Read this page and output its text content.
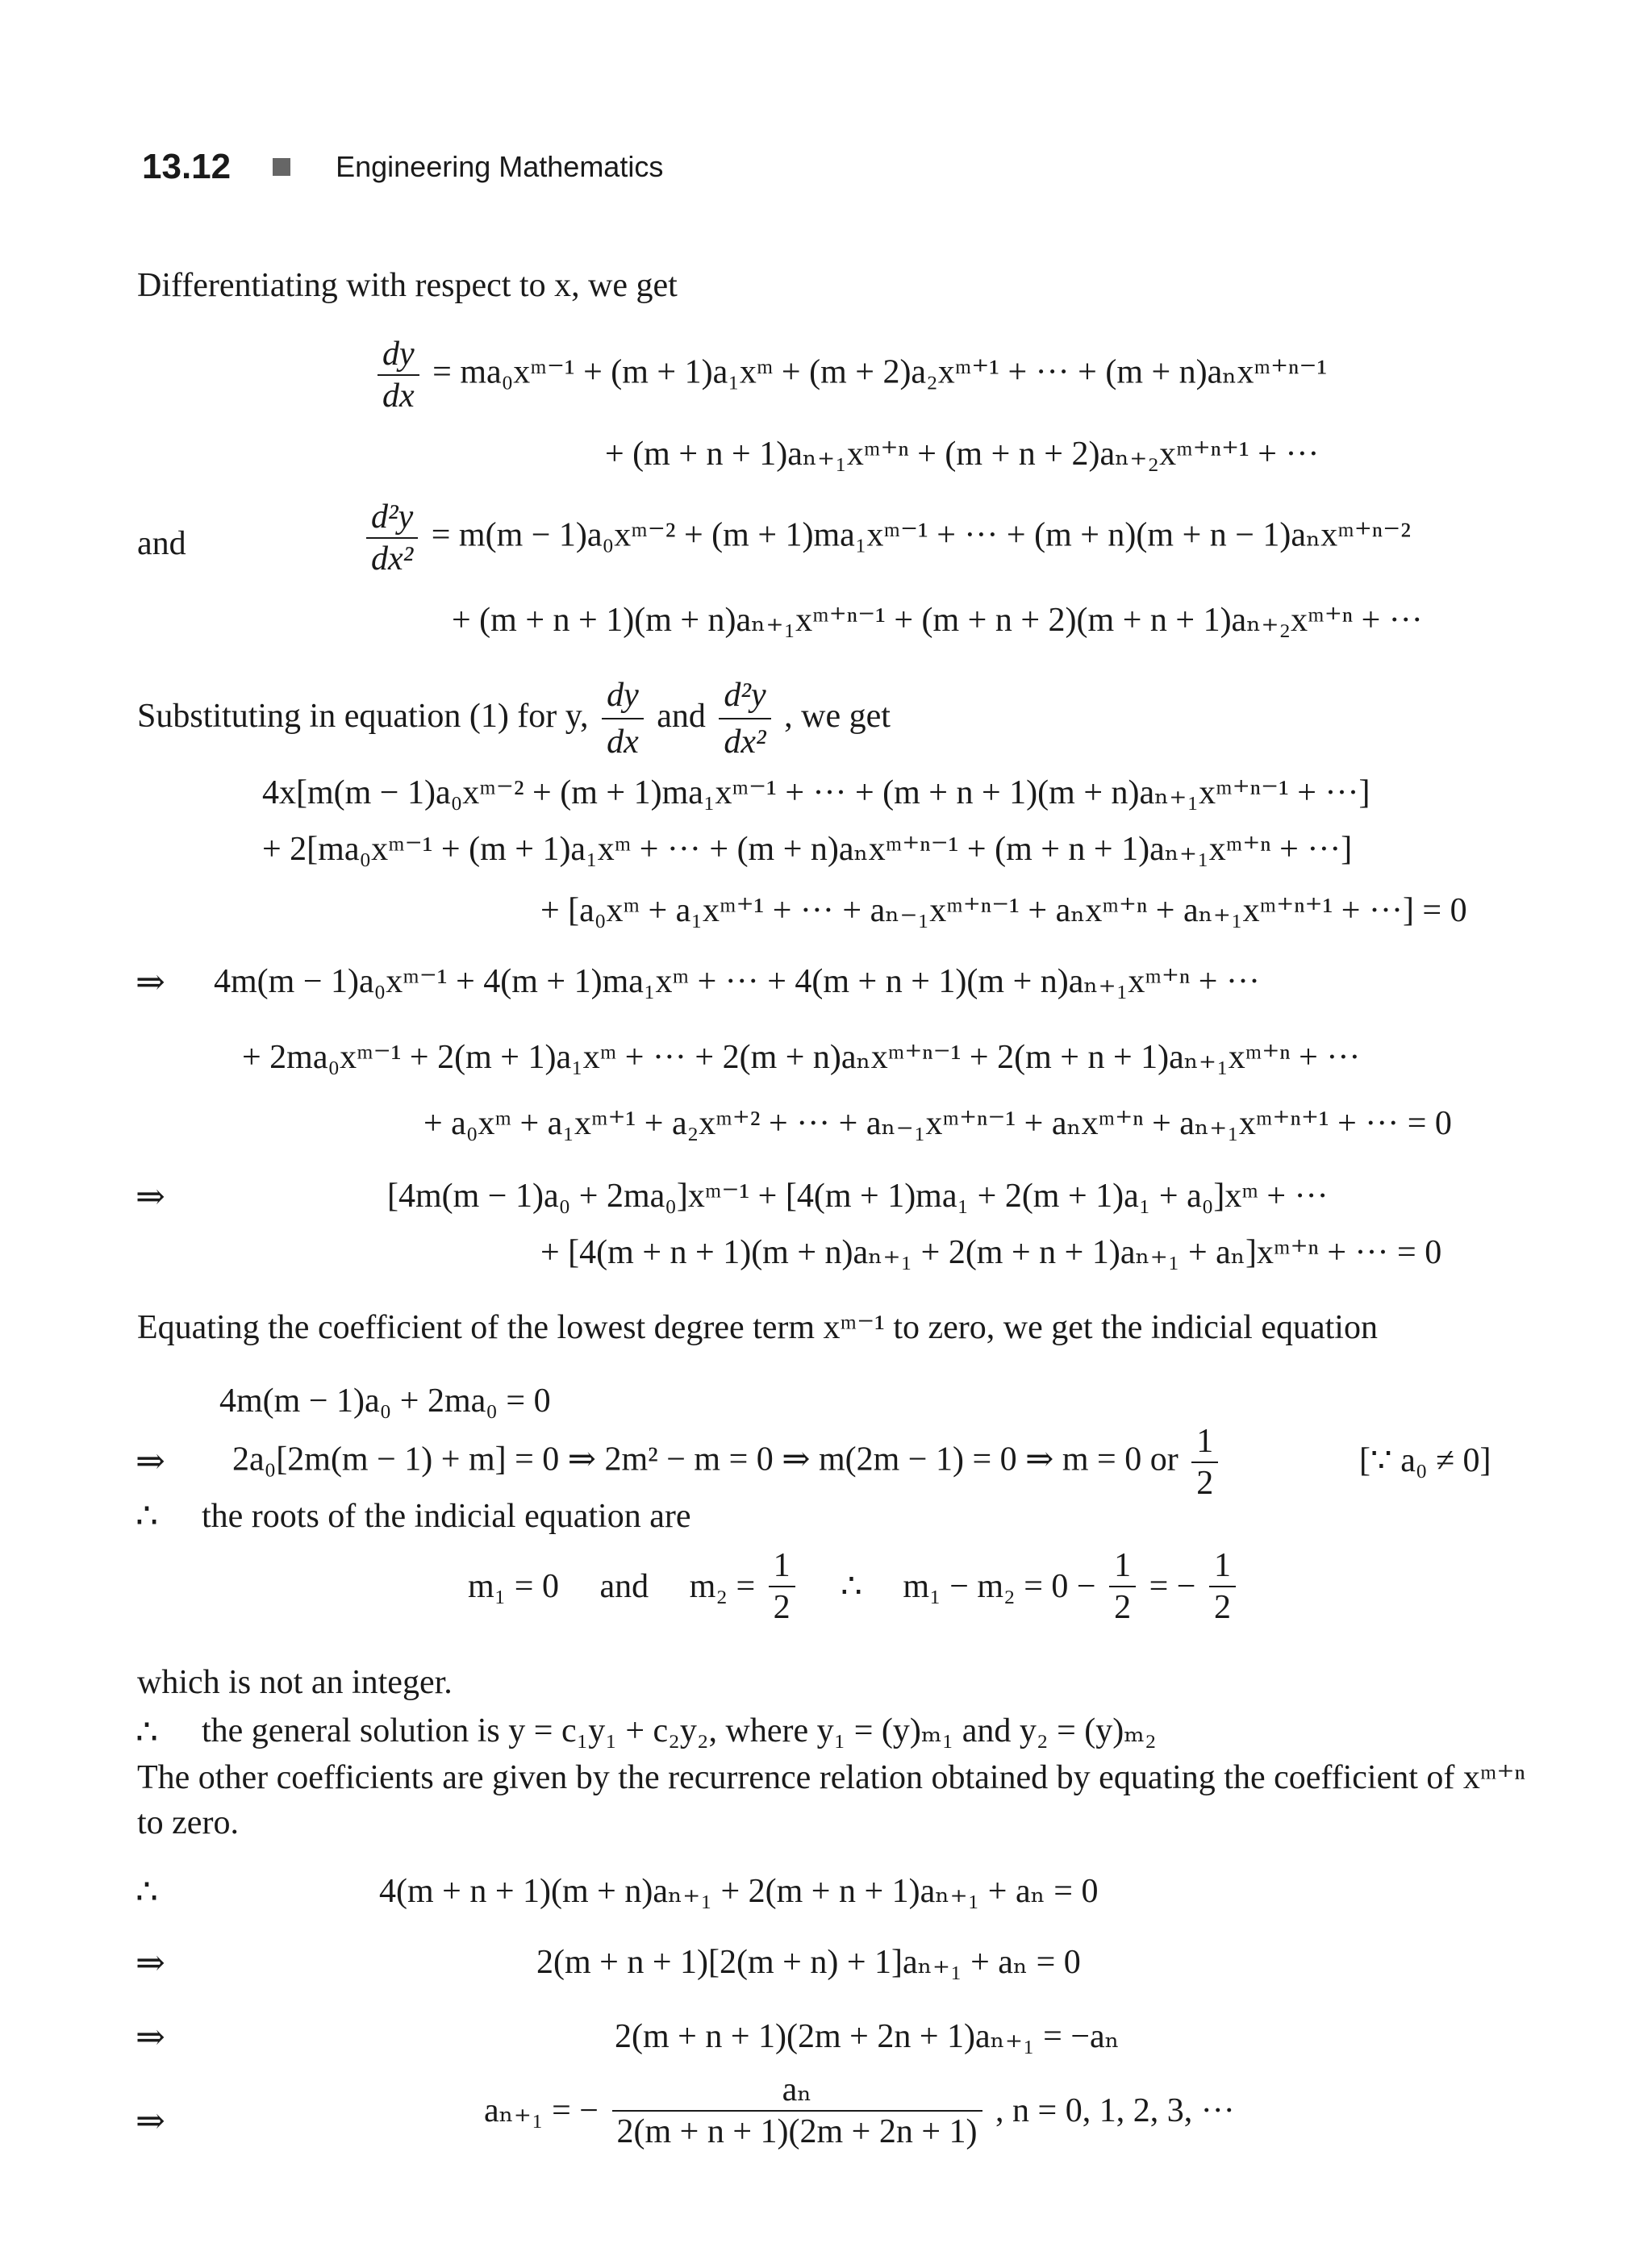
13.12	Engineering Mathematics
Differentiating with respect to x, we get
$\frac{dy}{dx}$ = ma₀xᵐ⁻¹ + (m + 1)a₁xᵐ + (m + 2)a₂xᵐ⁺¹ + ··· + (m + n)aₙxᵐ⁺ⁿ⁻¹
+ (m + n + 1)aₙ₊₁xᵐ⁺ⁿ + (m + n + 2)aₙ₊₂xᵐ⁺ⁿ⁺¹ + ···
and	$\frac{\text{d²y}}{\text{dx²}} = m(m$ − 1)a₀xᵐ⁻² + (m + 1)ma₁xᵐ⁻¹ + ··· + (m + n)(m + n − 1)aₙxᵐ⁺ⁿ⁻²
+ (m + n + 1)(m + n)aₙ₊₁xᵐ⁺ⁿ⁻¹ + (m + n + 2)(m + n + 1)aₙ₊₂xᵐ⁺ⁿ + ···
Substituting in equation (1) for y, $\frac{dy}{dx}$ and $\frac{\text{d²y}}{\text{dx²}}$ , we get
4x[m(m − 1)a₀xᵐ⁻² + (m + 1)ma₁xᵐ⁻¹ + ··· + (m + n + 1)(m + n)aₙ₊₁xᵐ⁺ⁿ⁻¹ + ···]
+ 2[ma₀xᵐ⁻¹ + (m + 1)a₁xᵐ + ··· + (m + n)aₙxᵐ⁺ⁿ⁻¹ + (m + n + 1)aₙ₊₁xᵐ⁺ⁿ + ···]
+ [a₀xᵐ + a₁xᵐ⁺¹ + ··· + aₙ₋₁xᵐ⁺ⁿ⁻¹ + aₙxᵐ⁺ⁿ + aₙ₊₁xᵐ⁺ⁿ⁺¹ + ···] = 0
⇒ 4m(m − 1)a₀xᵐ⁻¹ + 4(m + 1)ma₁xᵐ + ··· + 4(m + n + 1)(m + n)aₙ₊₁xᵐ⁺ⁿ + ···
+ 2ma₀xᵐ⁻¹ + 2(m + 1)a₁xᵐ + ··· + 2(m + n)aₙxᵐ⁺ⁿ⁻¹ + 2(m + n + 1)aₙ₊₁xᵐ⁺ⁿ + ···
+ a₀xᵐ + a₁xᵐ⁺¹ + a₂xᵐ⁺² + ··· + aₙ₋₁xᵐ⁺ⁿ⁻¹ + aₙxᵐ⁺ⁿ + aₙ₊₁xᵐ⁺ⁿ⁺¹ + ··· = 0
⇒	[4m(m − 1)a₀ + 2ma₀]xᵐ⁻¹ + [4(m + 1)ma₁ + 2(m + 1)a₁ + a₀]xᵐ + ···
+ [4(m + n + 1)(m + n)aₙ₊₁ + 2(m + n + 1)aₙ₊₁ + aₙ]xᵐ⁺ⁿ + ··· = 0
Equating the coefficient of the lowest degree term xᵐ⁻¹ to zero, we get the indicial equation
4m(m − 1)a₀ + 2ma₀ = 0
⇒ 2a₀[2m(m − 1) + m] = 0 ⇒ 2m² − m = 0 ⇒ m(2m − 1) = 0 ⇒ m = 0 or $\frac{1}{2}$	[∵ a₀ ≠ 0]
∴ the roots of the indicial equation are
m₁ = 0 and $m_2 = \frac{1}{2}$ ∴ $m_1 - m_2 = 0 - \frac{1}{2}$ = − $\frac{1}{2}$
which is not an integer.
∴ the general solution is y = c₁y₁ + c₂y₂, where y₁ = (y)ₘ₁ and y₂ = (y)ₘ₂
The other coefficients are given by the recurrence relation obtained by equating the coefficient of xᵐ⁺ⁿ
to zero.
∴	4(m + n + 1)(m + n)aₙ₊₁ + 2(m + n + 1)aₙ₊₁ + aₙ = 0
⇒	2(m + n + 1)[2(m + n) + 1]aₙ₊₁ + aₙ = 0
⇒	2(m + n + 1)(2m + 2n + 1)aₙ₊₁ = −aₙ
⇒	aₙ₊₁ = − $\frac{\text{aₙ}}{2(m + n + 1)(2m + 2n + 1)}$ , n = 0, 1, 2, 3, ···
